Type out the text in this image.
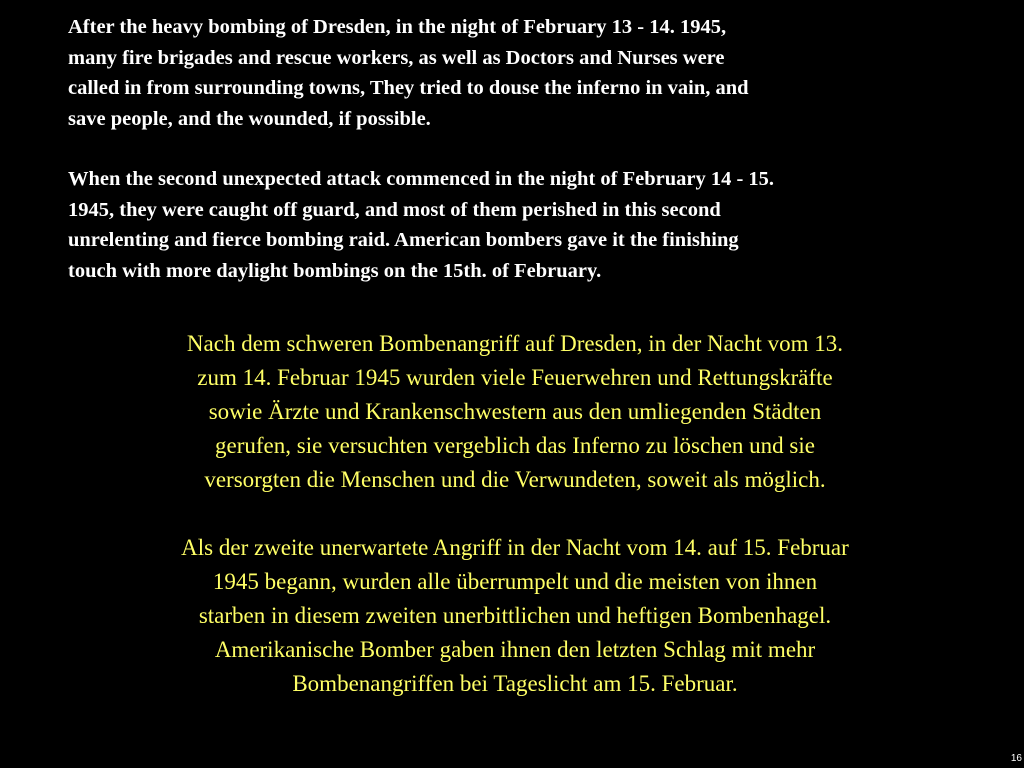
After the heavy bombing of Dresden, in the night of February 13 - 14. 1945,
many fire brigades and rescue workers, as well as Doctors and Nurses were
called in from surrounding towns, They tried to douse the inferno in vain, and
save people, and the wounded, if possible.

When the second unexpected attack commenced in the night of February 14 - 15.
1945, they were caught off guard, and most of them perished in this second
unrelenting and fierce bombing raid. American bombers gave it the finishing
touch with more daylight bombings on the 15th. of February.

Nach dem schweren Bombenangriff auf Dresden, in der Nacht vom 13.
zum 14. Februar 1945 wurden viele Feuerwehren und Rettungskräfte
sowie Ärzte und Krankenschwestern aus den umliegenden Städten
gerufen, sie versuchten vergeblich das Inferno zu löschen und sie
versorgten die Menschen und die Verwundeten, soweit als möglich.

Als der zweite unerwartete Angriff in der Nacht vom 14. auf 15. Februar
1945 begann, wurden alle überrumpelt und die meisten von ihnen
starben in diesem zweiten unerbittlichen und heftigen Bombenhagel.
Amerikanische Bomber gaben ihnen den letzten Schlag mit mehr
Bombenangriffen bei Tageslicht am 15. Februar.

16
